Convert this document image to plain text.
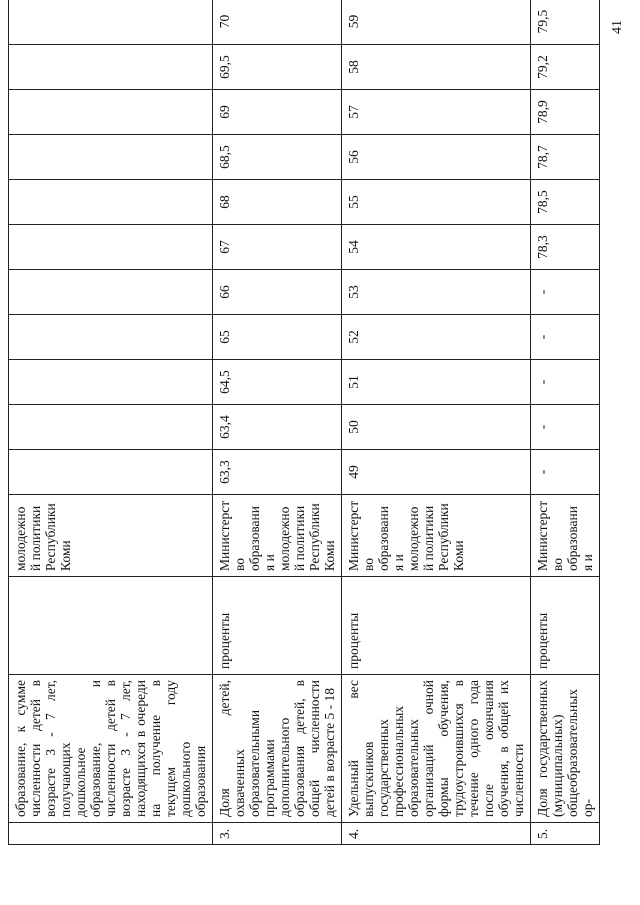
	образование, к сумме численности детей в возрасте 3 - 7 лет, получающих дошкольное образование, и численности детей в возрасте 3 - 7 лет, находящихся в очереди на получение в текущем году дошкольного образования		молодежной политики Республики Коми											
3.	Доля детей, охваченных образовательными программами дополнительного образования детей, в общей численности детей в возрасте 5 - 18	проценты	Министерство образования и молодежной политики Республики Коми	63,3	63,4	64,5	65	66	67	68	68,5	69	69,5	70
4.	Удельный вес выпускников государственных профессиональных образовательных организаций очной формы обучения, трудоустроившихся в течение одного года после окончания обучения, в общей их численности	проценты	Министерство образования и молодежной политики Республики Коми	49	50	51	52	53	54	55	56	57	58	59
5.	Доля государственных (муниципальных) общеобразовательных ор-	проценты	Министерство образования и	-	-	-	-	-	78,3	78,5	78,7	78,9	79,2	79,5	41
